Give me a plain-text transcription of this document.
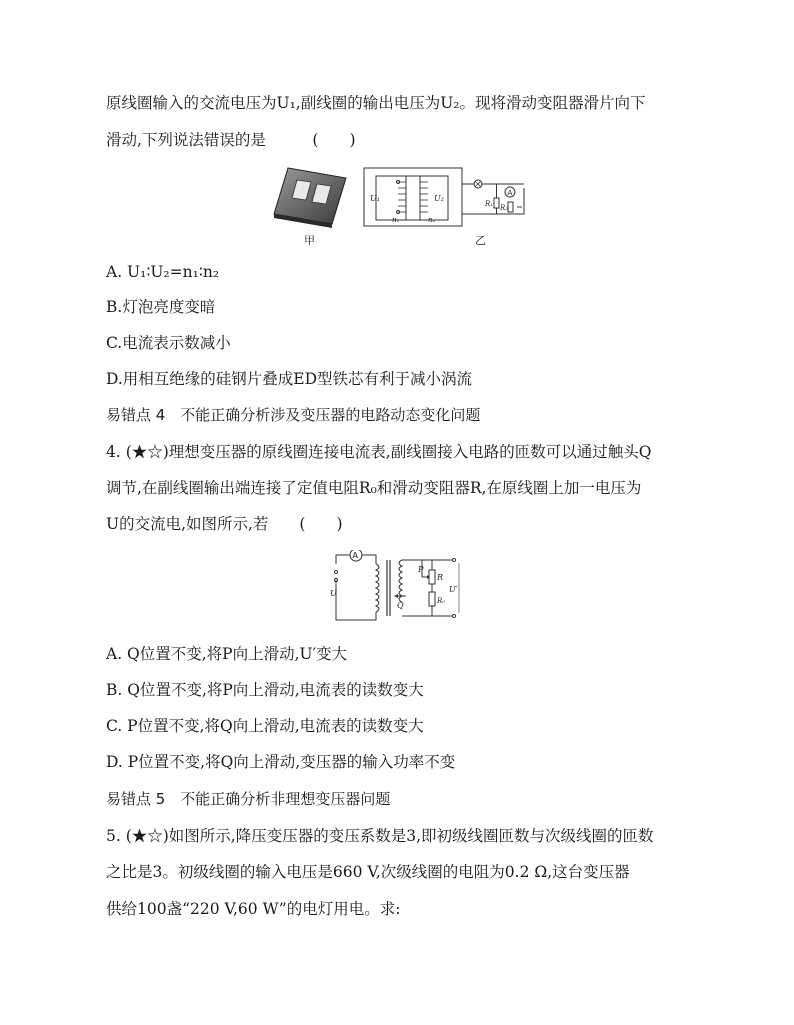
原线圈输入的交流电压为U₁,副线圈的输出电压为U₂。现将滑动变阻器滑片向下
滑动,下列说法错误的是　　　(　　)
甲
U₁	U₂
n₁	n₂
R₁ R₂
A
乙
A. U₁∶U₂=n₁∶n₂
B.灯泡亮度变暗
C.电流表示数减小
D.用相互绝缘的硅钢片叠成ED型铁芯有利于减小涡流
易错点 4　不能正确分析涉及变压器的电路动态变化问题
4. (★☆)理想变压器的原线圈连接电流表,副线圈接入电路的匝数可以通过触头Q
调节,在副线圈输出端连接了定值电阻R₀和滑动变阻器R,在原线圈上加一电压为
U的交流电,如图所示,若　　(　　)
A
U
Q
P
R
R₀
U′
A. Q位置不变,将P向上滑动,U′变大
B. Q位置不变,将P向上滑动,电流表的读数变大
C. P位置不变,将Q向上滑动,电流表的读数变大
D. P位置不变,将Q向上滑动,变压器的输入功率不变
易错点 5　不能正确分析非理想变压器问题
5. (★☆)如图所示,降压变压器的变压系数是3,即初级线圈匝数与次级线圈的匝数
之比是3。初级线圈的输入电压是660 V,次级线圈的电阻为0.2 Ω,这台变压器
供给100盏“220 V,60 W”的电灯用电。求:
